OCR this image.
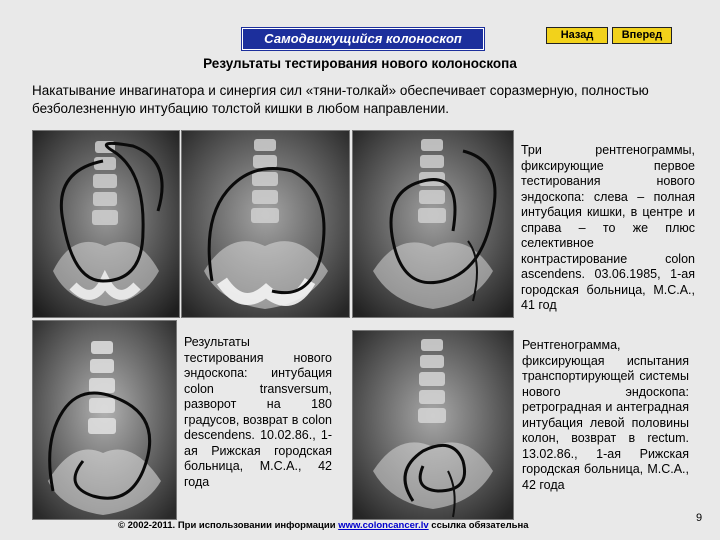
Самодвижущийся колоноскоп	Назад	Вперед
Результаты тестирования нового колоноскопа
Накатывание инвагинатора и синергия сил «тяни-толкай» обеспечивает соразмерную, полностью безболезненную интубацию толстой кишки в любом направлении.
Три рентгенограммы, фиксирующие первое тестирования нового эндоскопа: слева – полная интубация кишки, в центре и справа – то же плюс селективное контрастирование colon ascendens. 03.06.1985, 1-ая городская больница, М.С.А., 41 год
Результаты тестирования нового эндоскопа: интубация colon transversum, разворот на 180 градусов, возврат в colon descendens. 10.02.86., 1-ая Рижская городская больница, М.С.А., 42 года
Рентгенограмма, фиксирующая испытания транспортирующей системы нового эндоскопа: ретроградная и антеградная интубация левой половины колон, возврат в rectum. 13.02.86., 1-ая Рижская городская больница, М.С.А., 42 года
© 2002-2011. При использовании информации www.coloncancer.lv ссылка обязательна
9
